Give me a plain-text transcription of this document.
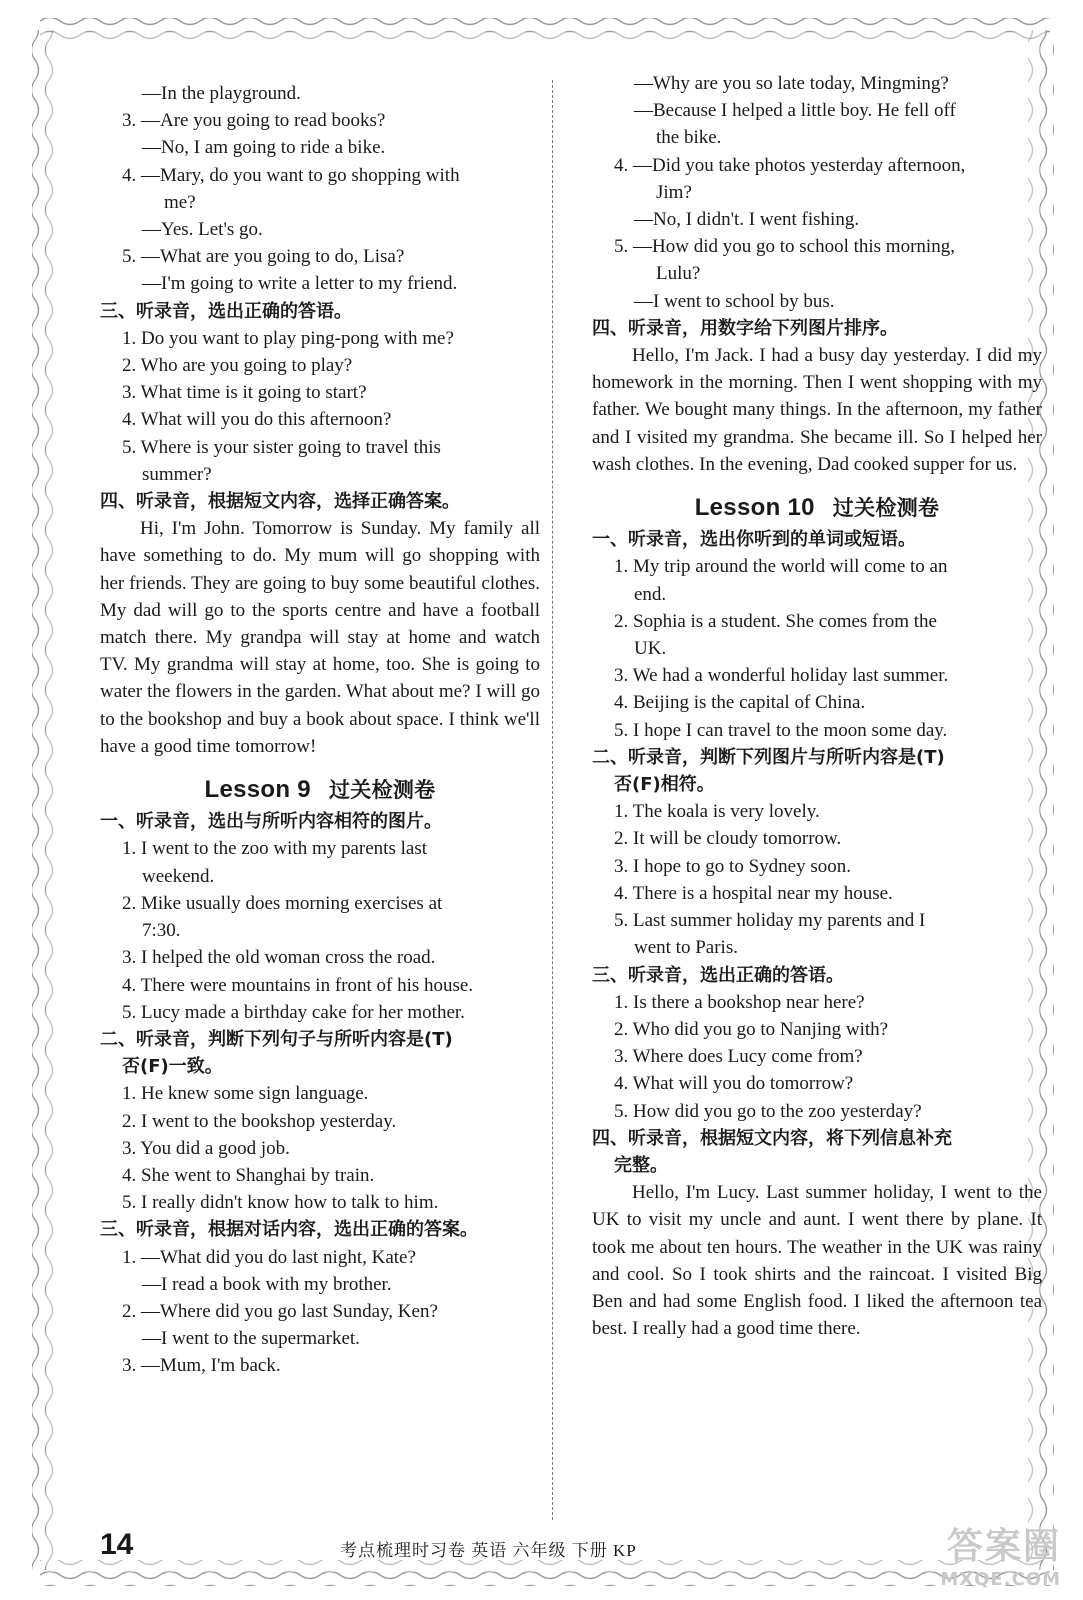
—In the playground.
3. —Are you going to read books?
—No, I am going to ride a bike.
4. —Mary, do you want to go shopping with
me?
—Yes. Let's go.
5. —What are you going to do, Lisa?
—I'm going to write a letter to my friend.
三、听录音，选出正确的答语。
1. Do you want to play ping-pong with me?
2. Who are you going to play?
3. What time is it going to start?
4. What will you do this afternoon?
5. Where is your sister going to travel this
summer?
四、听录音，根据短文内容，选择正确答案。
Hi, I'm John. Tomorrow is Sunday. My family all have something to do. My mum will go shopping with her friends. They are going to buy some beautiful clothes. My dad will go to the sports centre and have a football match there. My grandpa will stay at home and watch TV. My grandma will stay at home, too. She is going to water the flowers in the garden. What about me? I will go to the bookshop and buy a book about space. I think we'll have a good time tomorrow!
Lesson 9 过关检测卷
一、听录音，选出与所听内容相符的图片。
1. I went to the zoo with my parents last
weekend.
2. Mike usually does morning exercises at
7:30.
3. I helped the old woman cross the road.
4. There were mountains in front of his house.
5. Lucy made a birthday cake for her mother.
二、听录音，判断下列句子与所听内容是(T)
否(F)一致。
1. He knew some sign language.
2. I went to the bookshop yesterday.
3. You did a good job.
4. She went to Shanghai by train.
5. I really didn't know how to talk to him.
三、听录音，根据对话内容，选出正确的答案。
1. —What did you do last night, Kate?
—I read a book with my brother.
2. —Where did you go last Sunday, Ken?
—I went to the supermarket.
3. —Mum, I'm back.
—Why are you so late today, Mingming?
—Because I helped a little boy. He fell off
the bike.
4. —Did you take photos yesterday afternoon,
Jim?
—No, I didn't. I went fishing.
5. —How did you go to school this morning,
Lulu?
—I went to school by bus.
四、听录音，用数字给下列图片排序。
Hello, I'm Jack. I had a busy day yesterday. I did my homework in the morning. Then I went shopping with my father. We bought many things. In the afternoon, my father and I visited my grandma. She became ill. So I helped her wash clothes. In the evening, Dad cooked supper for us.
Lesson 10 过关检测卷
一、听录音，选出你听到的单词或短语。
1. My trip around the world will come to an
end.
2. Sophia is a student. She comes from the
UK.
3. We had a wonderful holiday last summer.
4. Beijing is the capital of China.
5. I hope I can travel to the moon some day.
二、听录音，判断下列图片与所听内容是(T)
否(F)相符。
1. The koala is very lovely.
2. It will be cloudy tomorrow.
3. I hope to go to Sydney soon.
4. There is a hospital near my house.
5. Last summer holiday my parents and I
went to Paris.
三、听录音，选出正确的答语。
1. Is there a bookshop near here?
2. Who did you go to Nanjing with?
3. Where does Lucy come from?
4. What will you do tomorrow?
5. How did you go to the zoo yesterday?
四、听录音，根据短文内容，将下列信息补充
完整。
Hello, I'm Lucy. Last summer holiday, I went to the UK to visit my uncle and aunt. I went there by plane. It took me about ten hours. The weather in the UK was rainy and cool. So I took shirts and the raincoat. I visited Big Ben and had some English food. I liked the afternoon tea best. I really had a good time there.
14	考点梳理时习卷 英语 六年级 下册 KP	答案圈
MXQE.COM
